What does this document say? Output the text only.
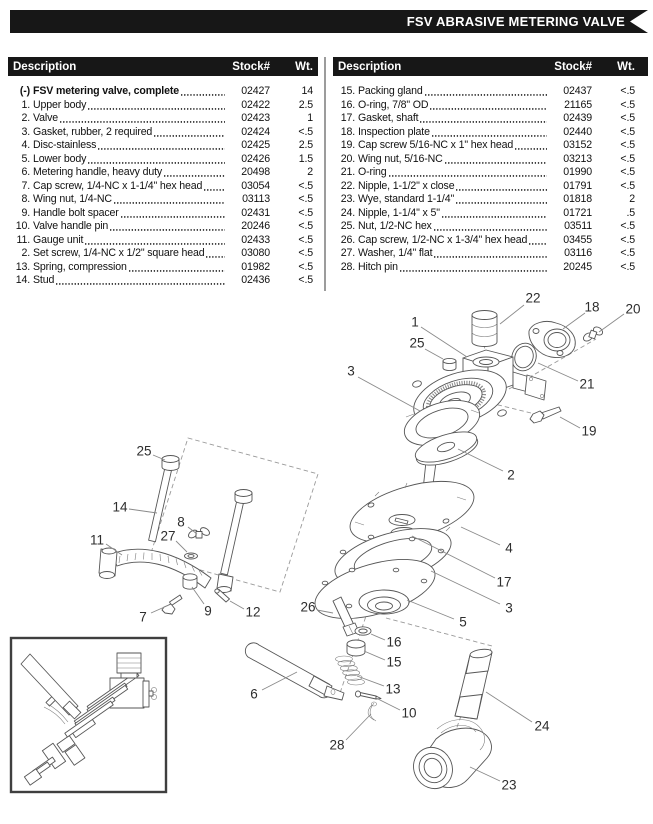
FSV ABRASIVE METERING VALVE
Description	Stock#	Wt.
(-) FSV metering valve, complete	02427	14
1. Upper body	02422	2.5
2. Valve	02423	1
3. Gasket, rubber, 2 required	02424	<.5
4. Disc-stainless	02425	2.5
5. Lower body	02426	1.5
6. Metering handle, heavy duty	20498	2
7. Cap screw, 1/4-NC x 1-1/4" hex head	03054	<.5
8. Wing nut, 1/4-NC	03113	<.5
9. Handle bolt spacer	02431	<.5
10. Valve handle pin	20246	<.5
11. Gauge unit	02433	<.5
2. Set screw, 1/4-NC x 1/2" square head	03080	<.5
13. Spring, compression	01982	<.5
14. Stud	02436	<.5
Description	Stock#	Wt.
15. Packing gland	02437	<.5
16. O-ring, 7/8" OD	21165	<.5
17. Gasket, shaft	02439	<.5
18. Inspection plate	02440	<.5
19. Cap screw 5/16-NC x 1" hex head	03152	<.5
20. Wing nut, 5/16-NC	03213	<.5
21. O-ring	01990	<.5
22. Nipple, 1-1/2" x close	01791	<.5
23. Wye, standard 1-1/4"	01818	2
24. Nipple, 1-1/4" x 5"	01721	.5
25. Nut, 1/2-NC hex	03511	<.5
26. Cap screw, 1/2-NC x 1-3/4" hex head	03455	<.5
27. Washer, 1/4" flat	03116	<.5
28. Hitch pin	20245	<.5
1
2
3
3
4
5
6
7
8
9
10
11
12
13
14
15
16
17
18
19
20
21
22
23
24
25
25
26
27
28
